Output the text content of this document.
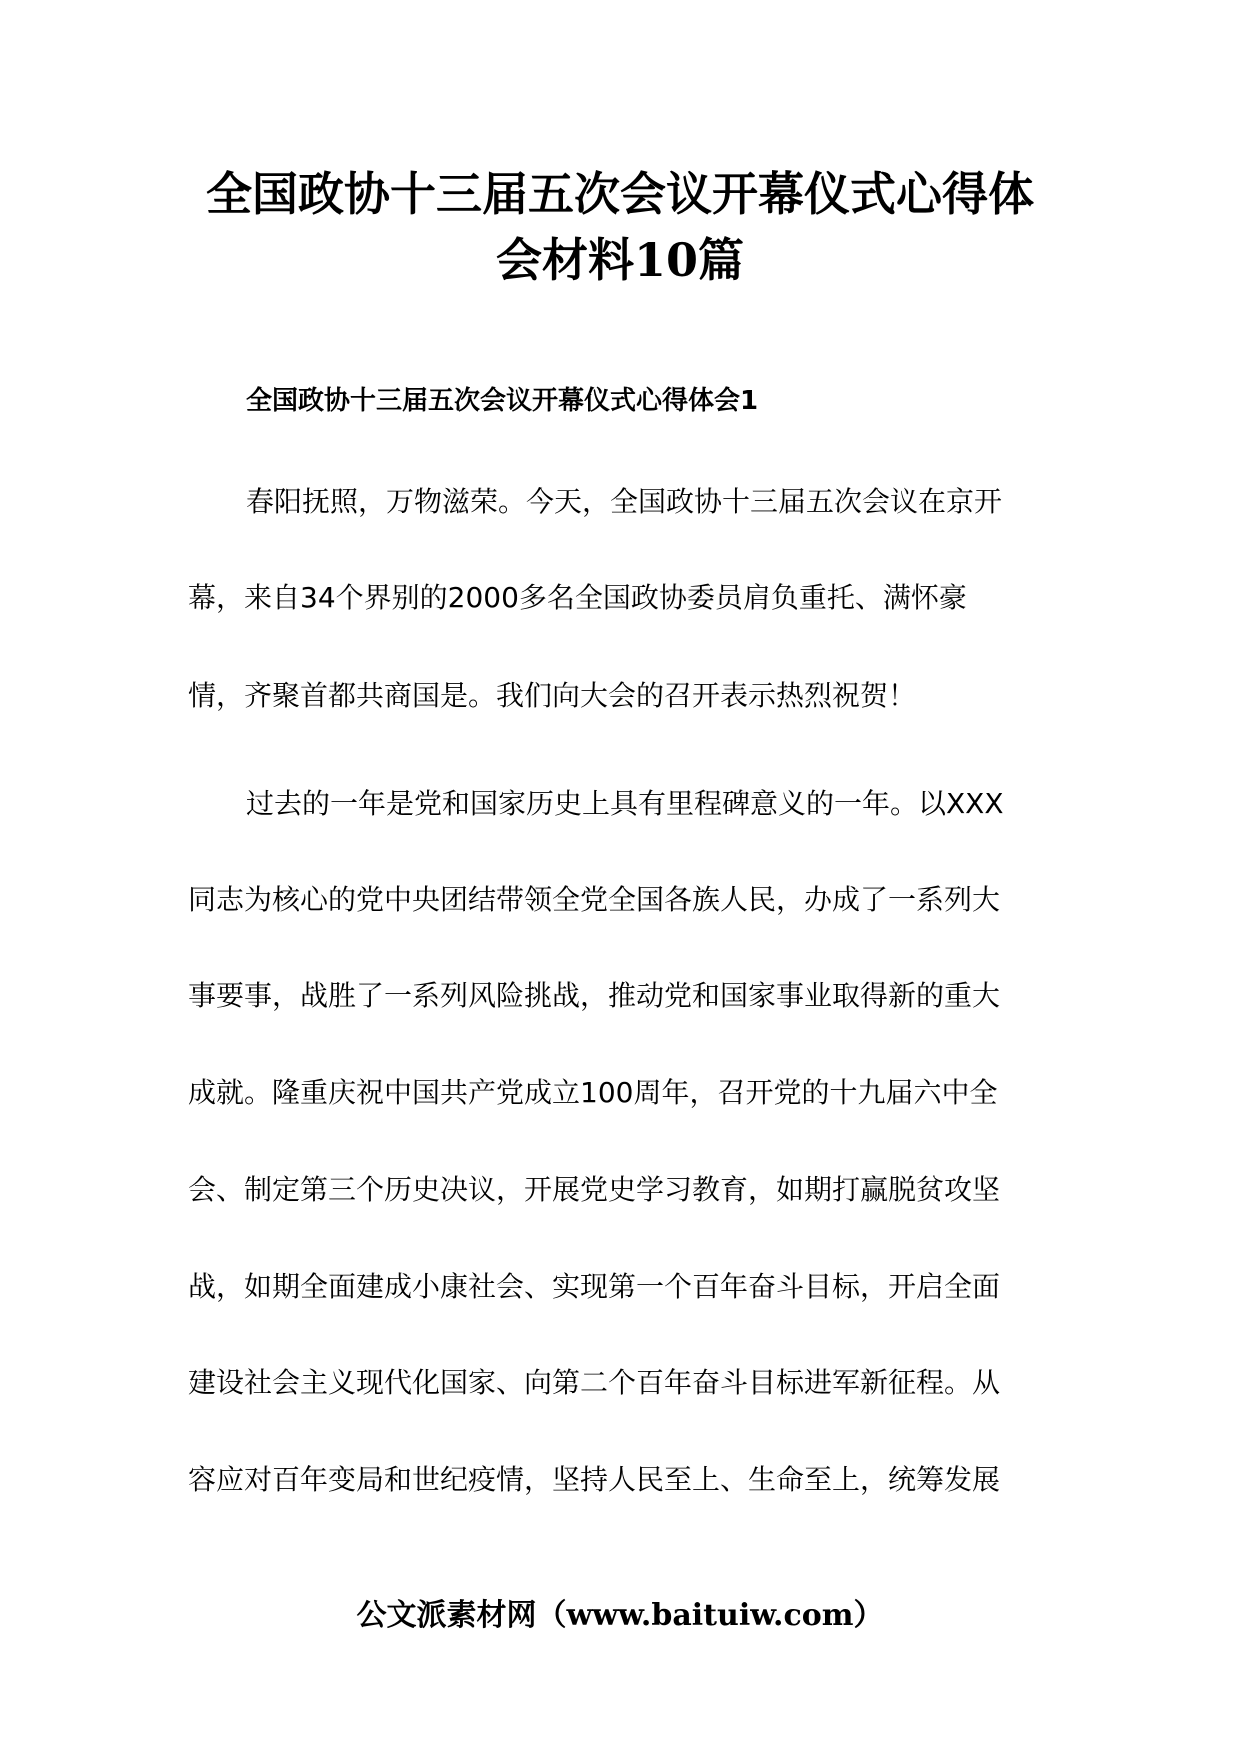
全国政协十三届五次会议开幕仪式心得体
会材料10篇
全国政协十三届五次会议开幕仪式心得体会1
春阳抚照，万物滋荣。今天，全国政协十三届五次会议在京开
幕，来自34个界别的2000多名全国政协委员肩负重托、满怀豪
情，齐聚首都共商国是。我们向大会的召开表示热烈祝贺！
过去的一年是党和国家历史上具有里程碑意义的一年。以XXX
同志为核心的党中央团结带领全党全国各族人民，办成了一系列大
事要事，战胜了一系列风险挑战，推动党和国家事业取得新的重大
成就。隆重庆祝中国共产党成立100周年，召开党的十九届六中全
会、制定第三个历史决议，开展党史学习教育，如期打赢脱贫攻坚
战，如期全面建成小康社会、实现第一个百年奋斗目标，开启全面
建设社会主义现代化国家、向第二个百年奋斗目标进军新征程。从
容应对百年变局和世纪疫情，坚持人民至上、生命至上，统筹发展
公文派素材网（www.baituiw.com）
